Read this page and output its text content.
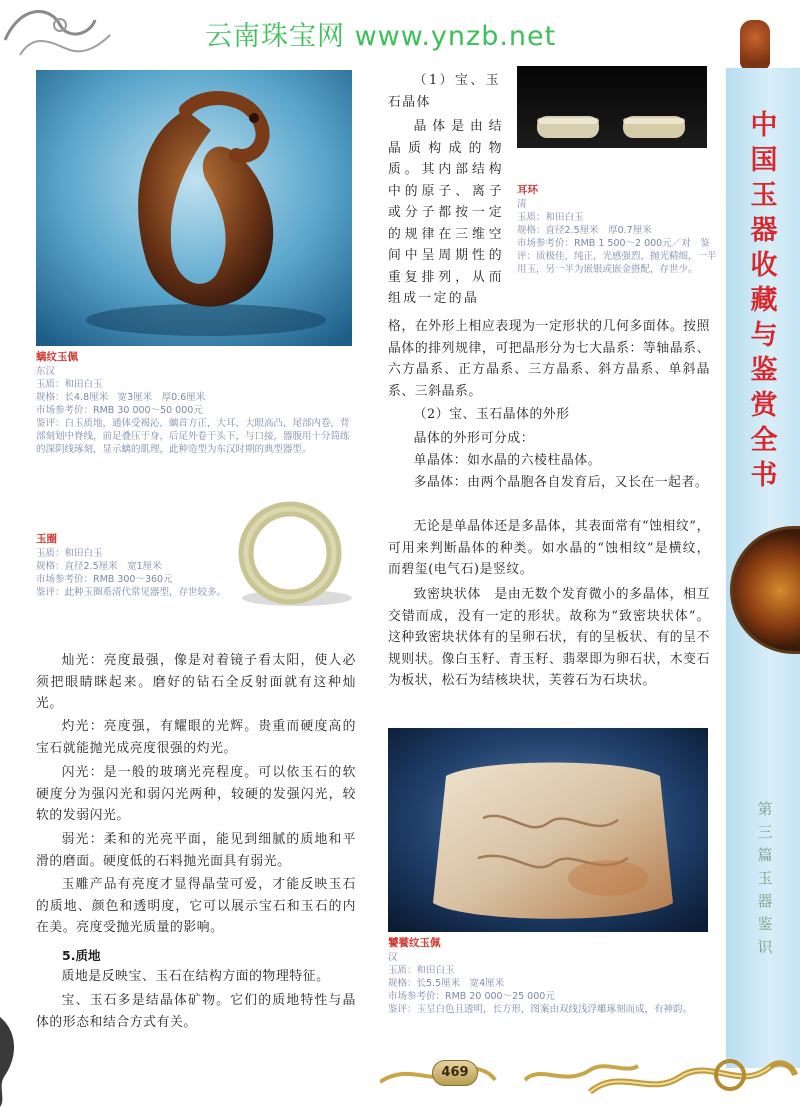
云南珠宝网 www.ynzb.net
中国玉器收藏与鉴赏全书
第三篇 玉器鉴识
螭纹玉佩
东汉
玉质：和田白玉
规格：长4.8厘米　宽3厘米　厚0.6厘米
市场参考价：RMB 30 000～50 000元
鉴评：白玉质地，通体受褐沁，螭首方正，大耳，大眼高凸，尾部内卷，背部刻划中脊线，前足叠压于身，后足外卷于头下，与口接，器腹用十分简练的深阴线琢刻，显示螭的肌理，此种造型为东汉时期的典型器型。
玉圈
玉质：和田白玉
规格：直径2.5厘米　宽1厘米
市场参考价：RMB 300～360元
鉴评：此种玉圈系清代常见器型，存世较多。
耳环
清
玉质：和田白玉
规格：直径2.5厘米　厚0.7厘米
市场参考价：RMB 1 500～2 000元／对　鉴评：质极佳，纯正，光感强烈，抛光精细，一半用玉，另一半为嵌银或嵌金搭配，存世少。
饕餮纹玉佩
汉
玉质：和田白玉
规格：长5.5厘米　宽4厘米
市场参考价：RMB 20 000～25 000元
鉴评：玉呈白色且透明，长方形，图案由双线浅浮雕琢刻而成，有神韵。
灿光：亮度最强，像是对着镜子看太阳，使人必须把眼睛眯起来。磨好的钻石全反射面就有这种灿光。
灼光：亮度强，有耀眼的光辉。贵重而硬度高的宝石就能抛光成亮度很强的灼光。
闪光：是一般的玻璃光亮程度。可以依玉石的软硬度分为强闪光和弱闪光两种，较硬的发强闪光，较软的发弱闪光。
弱光：柔和的光亮平面，能见到细腻的质地和平滑的磨面。硬度低的石料抛光面具有弱光。
玉雕产品有亮度才显得晶莹可爱，才能反映玉石的质地、颜色和透明度，它可以展示宝石和玉石的内在美。亮度受抛光质量的影响。
5.质地
质地是反映宝、玉石在结构方面的物理特征。
宝、玉石多是结晶体矿物。它们的质地特性与晶体的形态和结合方式有关。
（1）宝、玉石晶体
晶体是由结晶质构成的物质。其内部结构中的原子、离子或分子都按一定的规律在三维空间中呈周期性的重复排列，从而组成一定的晶
格，在外形上相应表现为一定形状的几何多面体。按照晶体的排列规律，可把晶形分为七大晶系：等轴晶系、六方晶系、正方晶系、三方晶系、斜方晶系、单斜晶系、三斜晶系。
（2）宝、玉石晶体的外形
晶体的外形可分成：
单晶体：如水晶的六棱柱晶体。
多晶体：由两个晶胞各自发育后，又长在一起者。
无论是单晶体还是多晶体，其表面常有“蚀相纹”，可用来判断晶体的种类。如水晶的“蚀相纹”是横纹，而碧玺(电气石)是竖纹。
致密块状体　是由无数个发育微小的多晶体，相互交错而成，没有一定的形状。故称为“致密块状体”。这种致密块状体有的呈卵石状，有的呈板状、有的呈不规则状。像白玉籽、青玉籽、翡翠即为卵石状，木变石为板状，松石为结核块状，芙蓉石为石块状。
469
